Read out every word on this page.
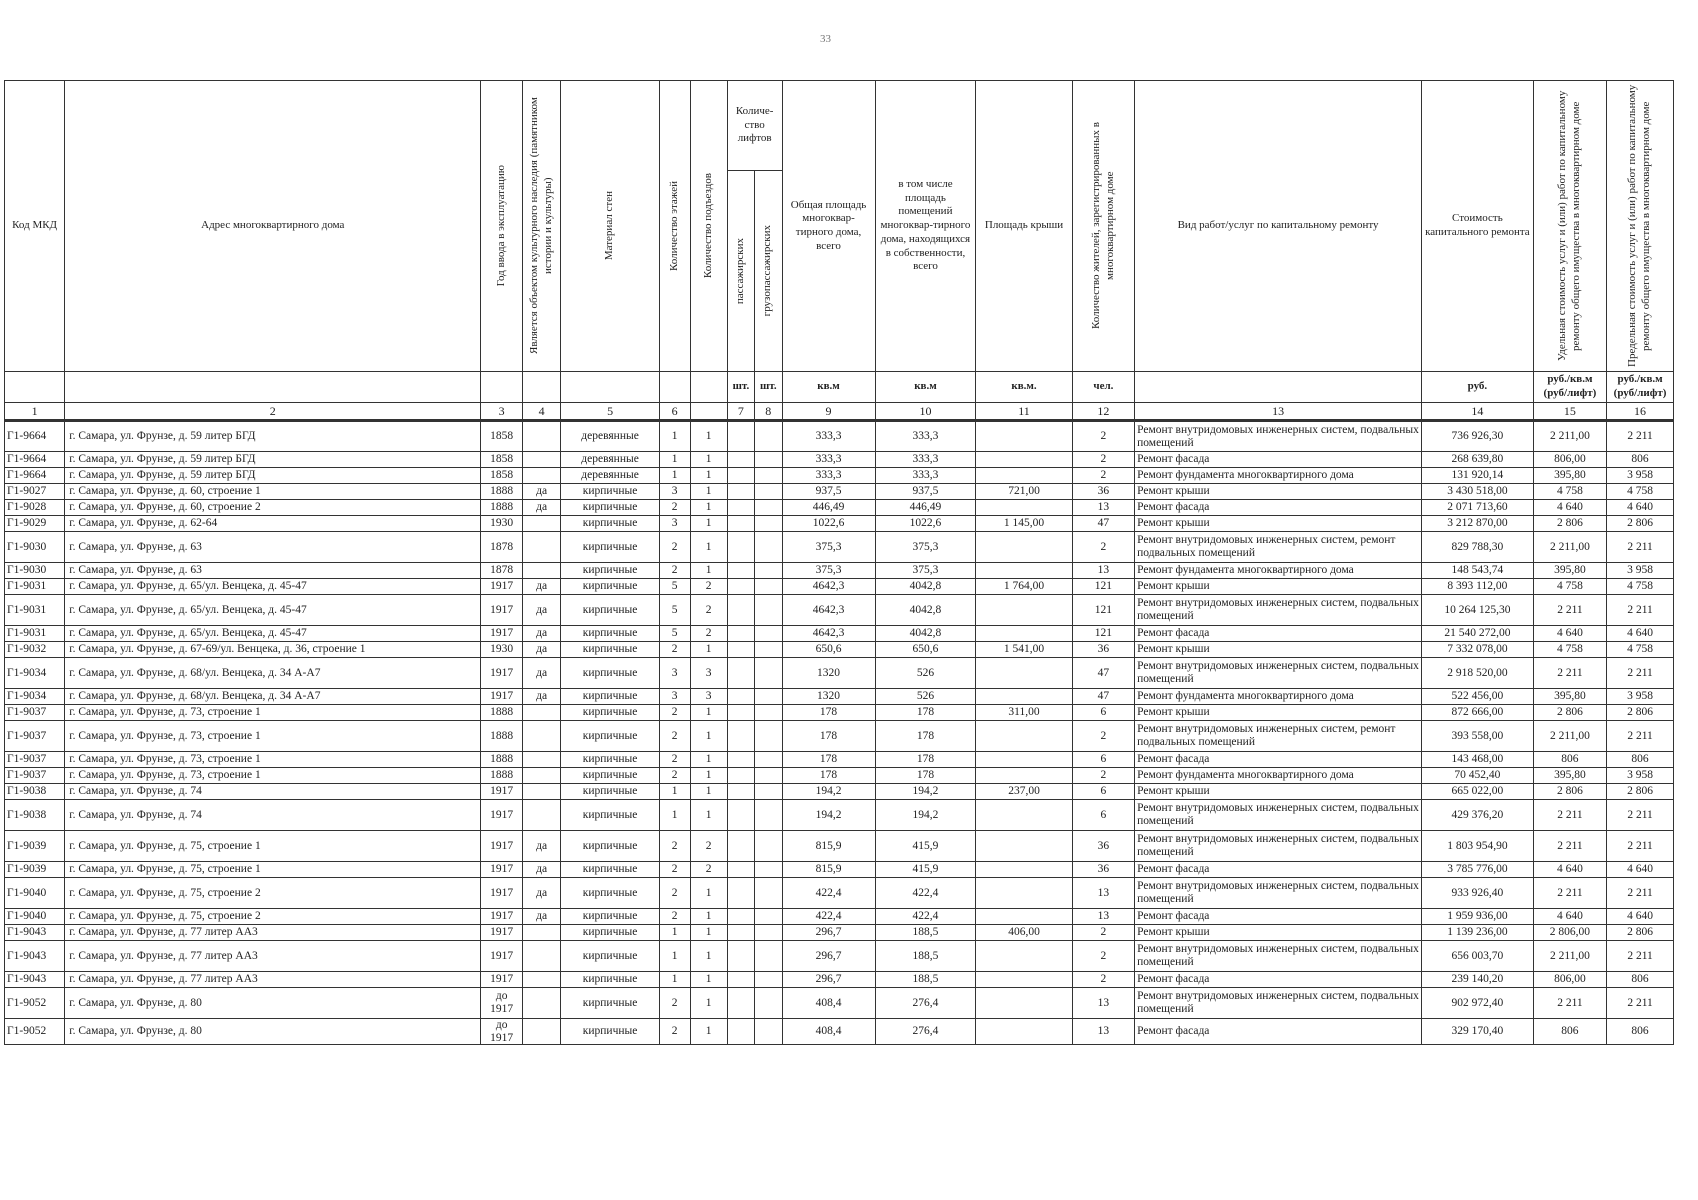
33
Код МКД	Адрес многоквартирного дома	Год ввода в эксплуатацию	Является объектом культурного наследия (памятником истории и культуры)	Материал стен	Количество этажей	Количество подъездов	Количе-ство лифтов		Общая площадь многоквар-тирного дома, всего	в том числе площадь помещений многоквар-тирного дома, находящихся в собственности, всего	Площадь крыши	Количество жителей, зарегистрированных в многоквартирном доме	Вид работ/услуг по капитальному ремонту	Стоимость капитального ремонта	Удельная стоимость услуг и (или) работ по капитальному ремонту общего имущества в многоквартирном доме	Предельная стоимость услуг и (или) работ по капитальному ремонту общего имущества в многоквартирном доме

							пассажирских	грузопассажирских								

							шт.	шт.	кв.м	кв.м	кв.м.	чел.		руб.	руб./кв.м (руб/лифт)	руб./кв.м (руб/лифт)
1	2	3	4	5	6		7	8	9	10	11	12	13	14	15	16
Г1-9664	г. Самара, ул. Фрунзе, д. 59 литер БГД	1858		деревянные	1	1			333,3	333,3		2	Ремонт внутридомовых инженерных систем, подвальных помещений	736 926,30	2 211,00	2 211
Г1-9664	г. Самара, ул. Фрунзе, д. 59 литер БГД	1858		деревянные	1	1			333,3	333,3		2	Ремонт фасада	268 639,80	806,00	806
Г1-9664	г. Самара, ул. Фрунзе, д. 59 литер БГД	1858		деревянные	1	1			333,3	333,3		2	Ремонт фундамента многоквартирного дома	131 920,14	395,80	3 958
Г1-9027	г. Самара, ул. Фрунзе, д. 60, строение 1	1888	да	кирпичные	3	1			937,5	937,5	721,00	36	Ремонт крыши	3 430 518,00	4 758	4 758
Г1-9028	г. Самара, ул. Фрунзе, д. 60, строение 2	1888	да	кирпичные	2	1			446,49	446,49		13	Ремонт фасада	2 071 713,60	4 640	4 640
Г1-9029	г. Самара, ул. Фрунзе, д. 62-64	1930		кирпичные	3	1			1022,6	1022,6	1 145,00	47	Ремонт крыши	3 212 870,00	2 806	2 806
Г1-9030	г. Самара, ул. Фрунзе, д. 63	1878		кирпичные	2	1			375,3	375,3		2	Ремонт внутридомовых инженерных систем, ремонт подвальных помещений	829 788,30	2 211,00	2 211
Г1-9030	г. Самара, ул. Фрунзе, д. 63	1878		кирпичные	2	1			375,3	375,3		13	Ремонт фундамента многоквартирного дома	148 543,74	395,80	3 958
Г1-9031	г. Самара, ул. Фрунзе, д. 65/ул. Венцека, д. 45-47	1917	да	кирпичные	5	2			4642,3	4042,8	1 764,00	121	Ремонт крыши	8 393 112,00	4 758	4 758
Г1-9031	г. Самара, ул. Фрунзе, д. 65/ул. Венцека, д. 45-47	1917	да	кирпичные	5	2			4642,3	4042,8		121	Ремонт внутридомовых инженерных систем, подвальных помещений	10 264 125,30	2 211	2 211
Г1-9031	г. Самара, ул. Фрунзе, д. 65/ул. Венцека, д. 45-47	1917	да	кирпичные	5	2			4642,3	4042,8		121	Ремонт фасада	21 540 272,00	4 640	4 640
Г1-9032	г. Самара, ул. Фрунзе, д. 67-69/ул. Венцека, д. 36, строение 1	1930	да	кирпичные	2	1			650,6	650,6	1 541,00	36	Ремонт крыши	7 332 078,00	4 758	4 758
Г1-9034	г. Самара, ул. Фрунзе, д. 68/ул. Венцека, д. 34 А-А7	1917	да	кирпичные	3	3			1320	526		47	Ремонт внутридомовых инженерных систем, подвальных помещений	2 918 520,00	2 211	2 211
Г1-9034	г. Самара, ул. Фрунзе, д. 68/ул. Венцека, д. 34 А-А7	1917	да	кирпичные	3	3			1320	526		47	Ремонт фундамента многоквартирного дома	522 456,00	395,80	3 958
Г1-9037	г. Самара, ул. Фрунзе, д. 73, строение 1	1888		кирпичные	2	1			178	178	311,00	6	Ремонт крыши	872 666,00	2 806	2 806
Г1-9037	г. Самара, ул. Фрунзе, д. 73, строение 1	1888		кирпичные	2	1			178	178		2	Ремонт внутридомовых инженерных систем, ремонт подвальных помещений	393 558,00	2 211,00	2 211
Г1-9037	г. Самара, ул. Фрунзе, д. 73, строение 1	1888		кирпичные	2	1			178	178		6	Ремонт фасада	143 468,00	806	806
Г1-9037	г. Самара, ул. Фрунзе, д. 73, строение 1	1888		кирпичные	2	1			178	178		2	Ремонт фундамента многоквартирного дома	70 452,40	395,80	3 958
Г1-9038	г. Самара, ул. Фрунзе, д. 74	1917		кирпичные	1	1			194,2	194,2	237,00	6	Ремонт крыши	665 022,00	2 806	2 806
Г1-9038	г. Самара, ул. Фрунзе, д. 74	1917		кирпичные	1	1			194,2	194,2		6	Ремонт внутридомовых инженерных систем, подвальных помещений	429 376,20	2 211	2 211
Г1-9039	г. Самара, ул. Фрунзе, д. 75, строение 1	1917	да	кирпичные	2	2			815,9	415,9		36	Ремонт внутридомовых инженерных систем, подвальных помещений	1 803 954,90	2 211	2 211
Г1-9039	г. Самара, ул. Фрунзе, д. 75, строение 1	1917	да	кирпичные	2	2			815,9	415,9		36	Ремонт фасада	3 785 776,00	4 640	4 640
Г1-9040	г. Самара, ул. Фрунзе, д. 75, строение 2	1917	да	кирпичные	2	1			422,4	422,4		13	Ремонт внутридомовых инженерных систем, подвальных помещений	933 926,40	2 211	2 211
Г1-9040	г. Самара, ул. Фрунзе, д. 75, строение 2	1917	да	кирпичные	2	1			422,4	422,4		13	Ремонт фасада	1 959 936,00	4 640	4 640
Г1-9043	г. Самара, ул. Фрунзе, д. 77 литер АА3	1917		кирпичные	1	1			296,7	188,5	406,00	2	Ремонт крыши	1 139 236,00	2 806,00	2 806
Г1-9043	г. Самара, ул. Фрунзе, д. 77 литер АА3	1917		кирпичные	1	1			296,7	188,5		2	Ремонт внутридомовых инженерных систем, подвальных помещений	656 003,70	2 211,00	2 211
Г1-9043	г. Самара, ул. Фрунзе, д. 77 литер АА3	1917		кирпичные	1	1			296,7	188,5		2	Ремонт фасада	239 140,20	806,00	806
Г1-9052	г. Самара, ул. Фрунзе, д. 80	до 1917		кирпичные	2	1			408,4	276,4		13	Ремонт внутридомовых инженерных систем, подвальных помещений	902 972,40	2 211	2 211
Г1-9052	г. Самара, ул. Фрунзе, д. 80	до 1917		кирпичные	2	1			408,4	276,4		13	Ремонт фасада	329 170,40	806	806
